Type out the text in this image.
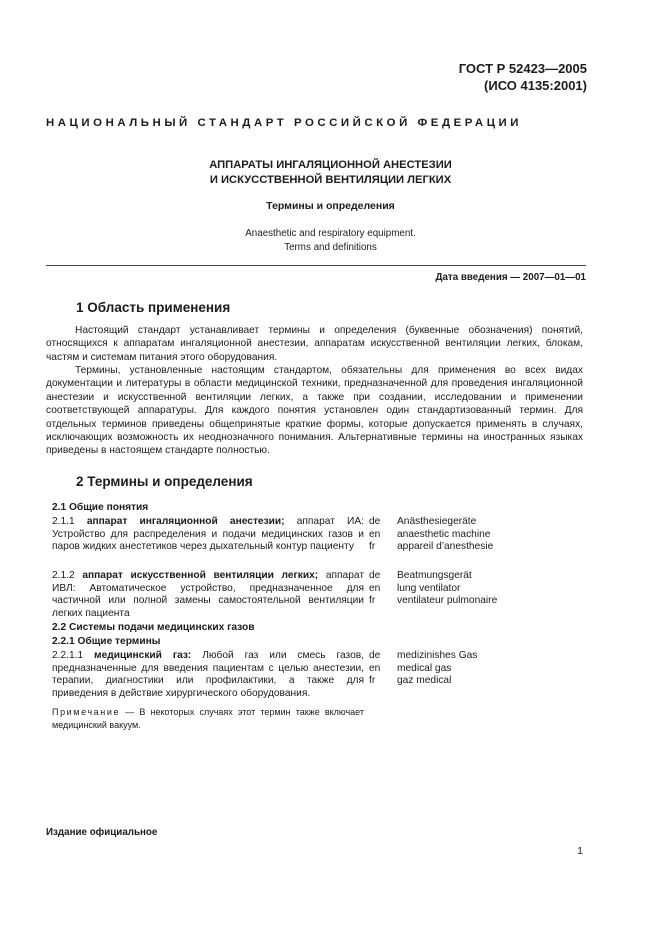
ГОСТ Р 52423—2005
(ИСО 4135:2001)
НАЦИОНАЛЬНЫЙ СТАНДАРТ РОССИЙСКОЙ ФЕДЕРАЦИИ
АППАРАТЫ ИНГАЛЯЦИОННОЙ АНЕСТЕЗИИ
И ИСКУССТВЕННОЙ ВЕНТИЛЯЦИИ ЛЕГКИХ
Термины и определения
Anaesthetic and respiratory equipment.
Terms and definitions
Дата введения — 2007—01—01
1 Область применения

Настоящий стандарт устанавливает термины и определения (буквенные обозначения) понятий, относящихся к аппаратам ингаляционной анестезии, аппаратам искусственной вентиляции легких, блокам, частям и системам питания этого оборудования.

Термины, установленные настоящим стандартом, обязательны для применения во всех видах документации и литературы в области медицинской техники, предназначенной для проведения ингаляционной анестезии и искусственной вентиляции легких, а также при создании, исследовании и применении соответствующей аппаратуры. Для каждого понятия установлен один стандартизованный термин. Для отдельных терминов приведены общепринятые краткие формы, которые допускается применять в случаях, исключающих возможность их неоднозначного понимания. Альтернативные термины на иностранных языках приведены в настоящем стандарте полностью.

2 Термины и определения
2.1 Общие понятия
2.1.1 аппарат ингаляционной анестезии; аппарат ИА: Устройство для распределения и подачи медицинских газов и паров жидких анестетиков через дыхательный контур пациенту
de
en
fr
Anästhesiegeräte
anaesthetic machine
appareil d’anesthesie
2.1.2 аппарат искусственной вентиляции легких; аппарат ИВЛ: Автоматическое устройство, предназначенное для частичной или полной замены самостоятельной вентиляции легких пациента
de
en
fr
Beatmungsgerät
lung ventilator
ventilateur pulmonaire
2.2 Системы подачи медицинских газов
2.2.1 Общие термины
2.2.1.1 медицинский газ: Любой газ или смесь газов, предназначенные для введения пациентам с целью анестезии, терапии, диагностики или профилактики, а также для приведения в действие хирургического оборудования.
de
en
fr
medizinishes Gas
medical gas
gaz medical
Примечание — В некоторых случаях этот термин также включает медицинский вакуум.
Издание официальное
1
